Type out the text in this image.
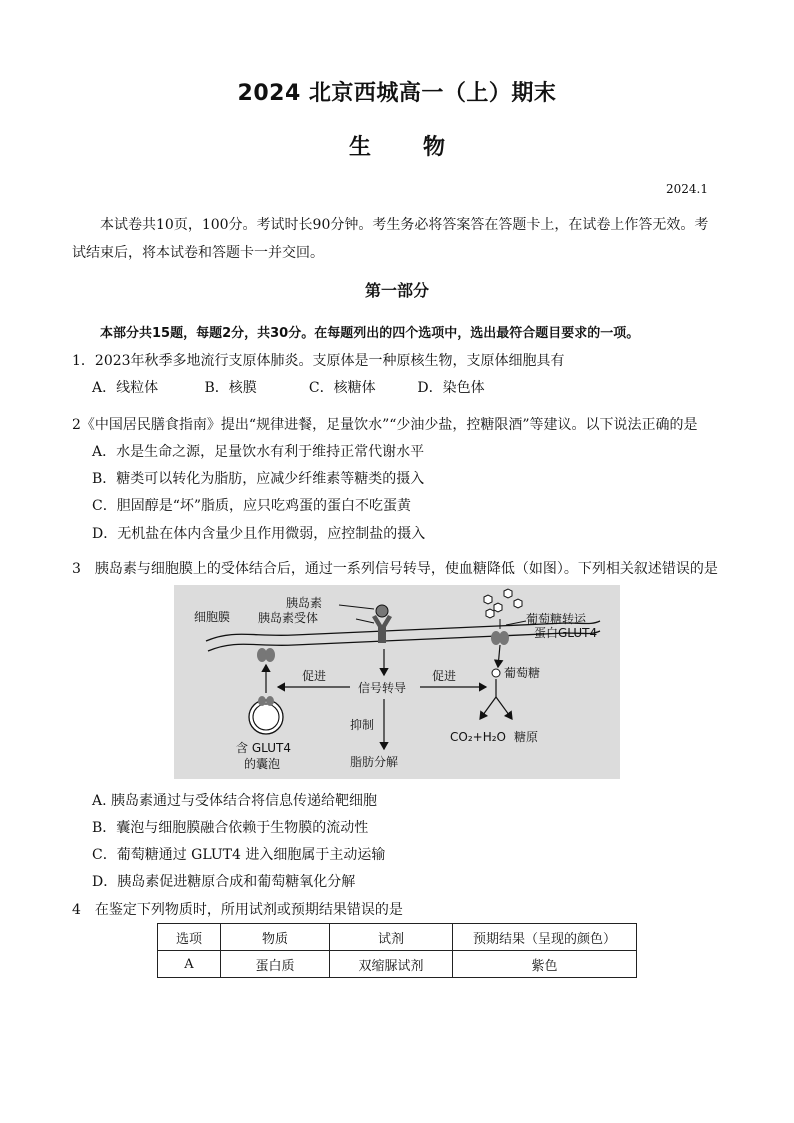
2024 北京西城高一（上）期末
生物
2024.1
本试卷共10页，100分。考试时长90分钟。考生务必将答案答在答题卡上，在试卷上作答无效。考试结束后，将本试卷和答题卡一并交回。
第一部分
本部分共15题，每题2分，共30分。在每题列出的四个选项中，选出最符合题目要求的一项。
1．2023年秋季多地流行支原体肺炎。支原体是一种原核生物，支原体细胞具有
A．线粒体	B．核膜	C．核糖体	D．染色体
2《中国居民膳食指南》提出“规律进餐，足量饮水”“少油少盐，控糖限酒”等建议。以下说法正确的是
A．水是生命之源，足量饮水有利于维持正常代谢水平
B．糖类可以转化为脂肪，应减少纤维素等糖类的摄入
C．胆固醇是“坏”脂质，应只吃鸡蛋的蛋白不吃蛋黄
D．无机盐在体内含量少且作用微弱，应控制盐的摄入
3　胰岛素与细胞膜上的受体结合后，通过一系列信号转导，使血糖降低（如图）。下列相关叙述错误的是
细胞膜
胰岛素
胰岛素受体	葡萄糖转运
蛋白GLUT4
葡萄糖
促进	促进
信号转导
抑制
含 GLUT4
的囊泡	脂肪分解
CO₂+H₂O 糖原
A. 胰岛素通过与受体结合将信息传递给靶细胞
B．囊泡与细胞膜融合依赖于生物膜的流动性
C．葡萄糖通过 GLUT4 进入细胞属于主动运输
D．胰岛素促进糖原合成和葡萄糖氧化分解
4　在鉴定下列物质时，所用试剂或预期结果错误的是
选项	物质	试剂	预期结果（呈现的颜色）
A	蛋白质	双缩脲试剂	紫色
